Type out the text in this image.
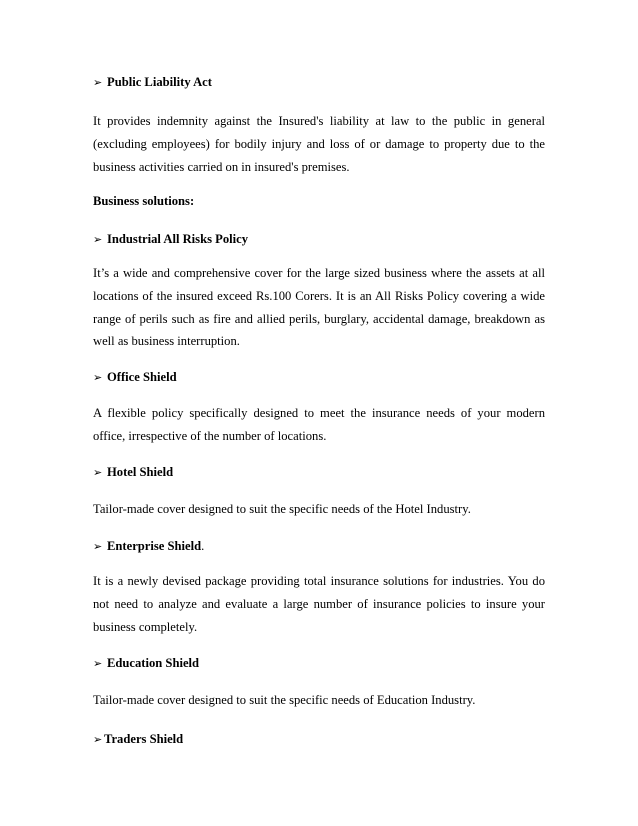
➢ Public Liability Act
It provides indemnity against the Insured's liability at law to the public in general (excluding employees) for bodily injury and loss of or damage to property due to the business activities carried on in insured's premises.
Business solutions:
➢ Industrial All Risks Policy
It’s a wide and comprehensive cover for the large sized business where the assets at all locations of the insured exceed Rs.100 Corers. It is an All Risks Policy covering a wide range of perils such as fire and allied perils, burglary, accidental damage, breakdown as well as business interruption.
➢ Office Shield
A flexible policy specifically designed to meet the insurance needs of your modern office, irrespective of the number of locations.
➢ Hotel Shield
Tailor-made cover designed to suit the specific needs of the Hotel Industry.
➢ Enterprise Shield.
It is a newly devised package providing total insurance solutions for industries. You do not need to analyze and evaluate a large number of insurance policies to insure your business completely.
➢ Education Shield
Tailor-made cover designed to suit the specific needs of Education Industry.
➢ Traders Shield
